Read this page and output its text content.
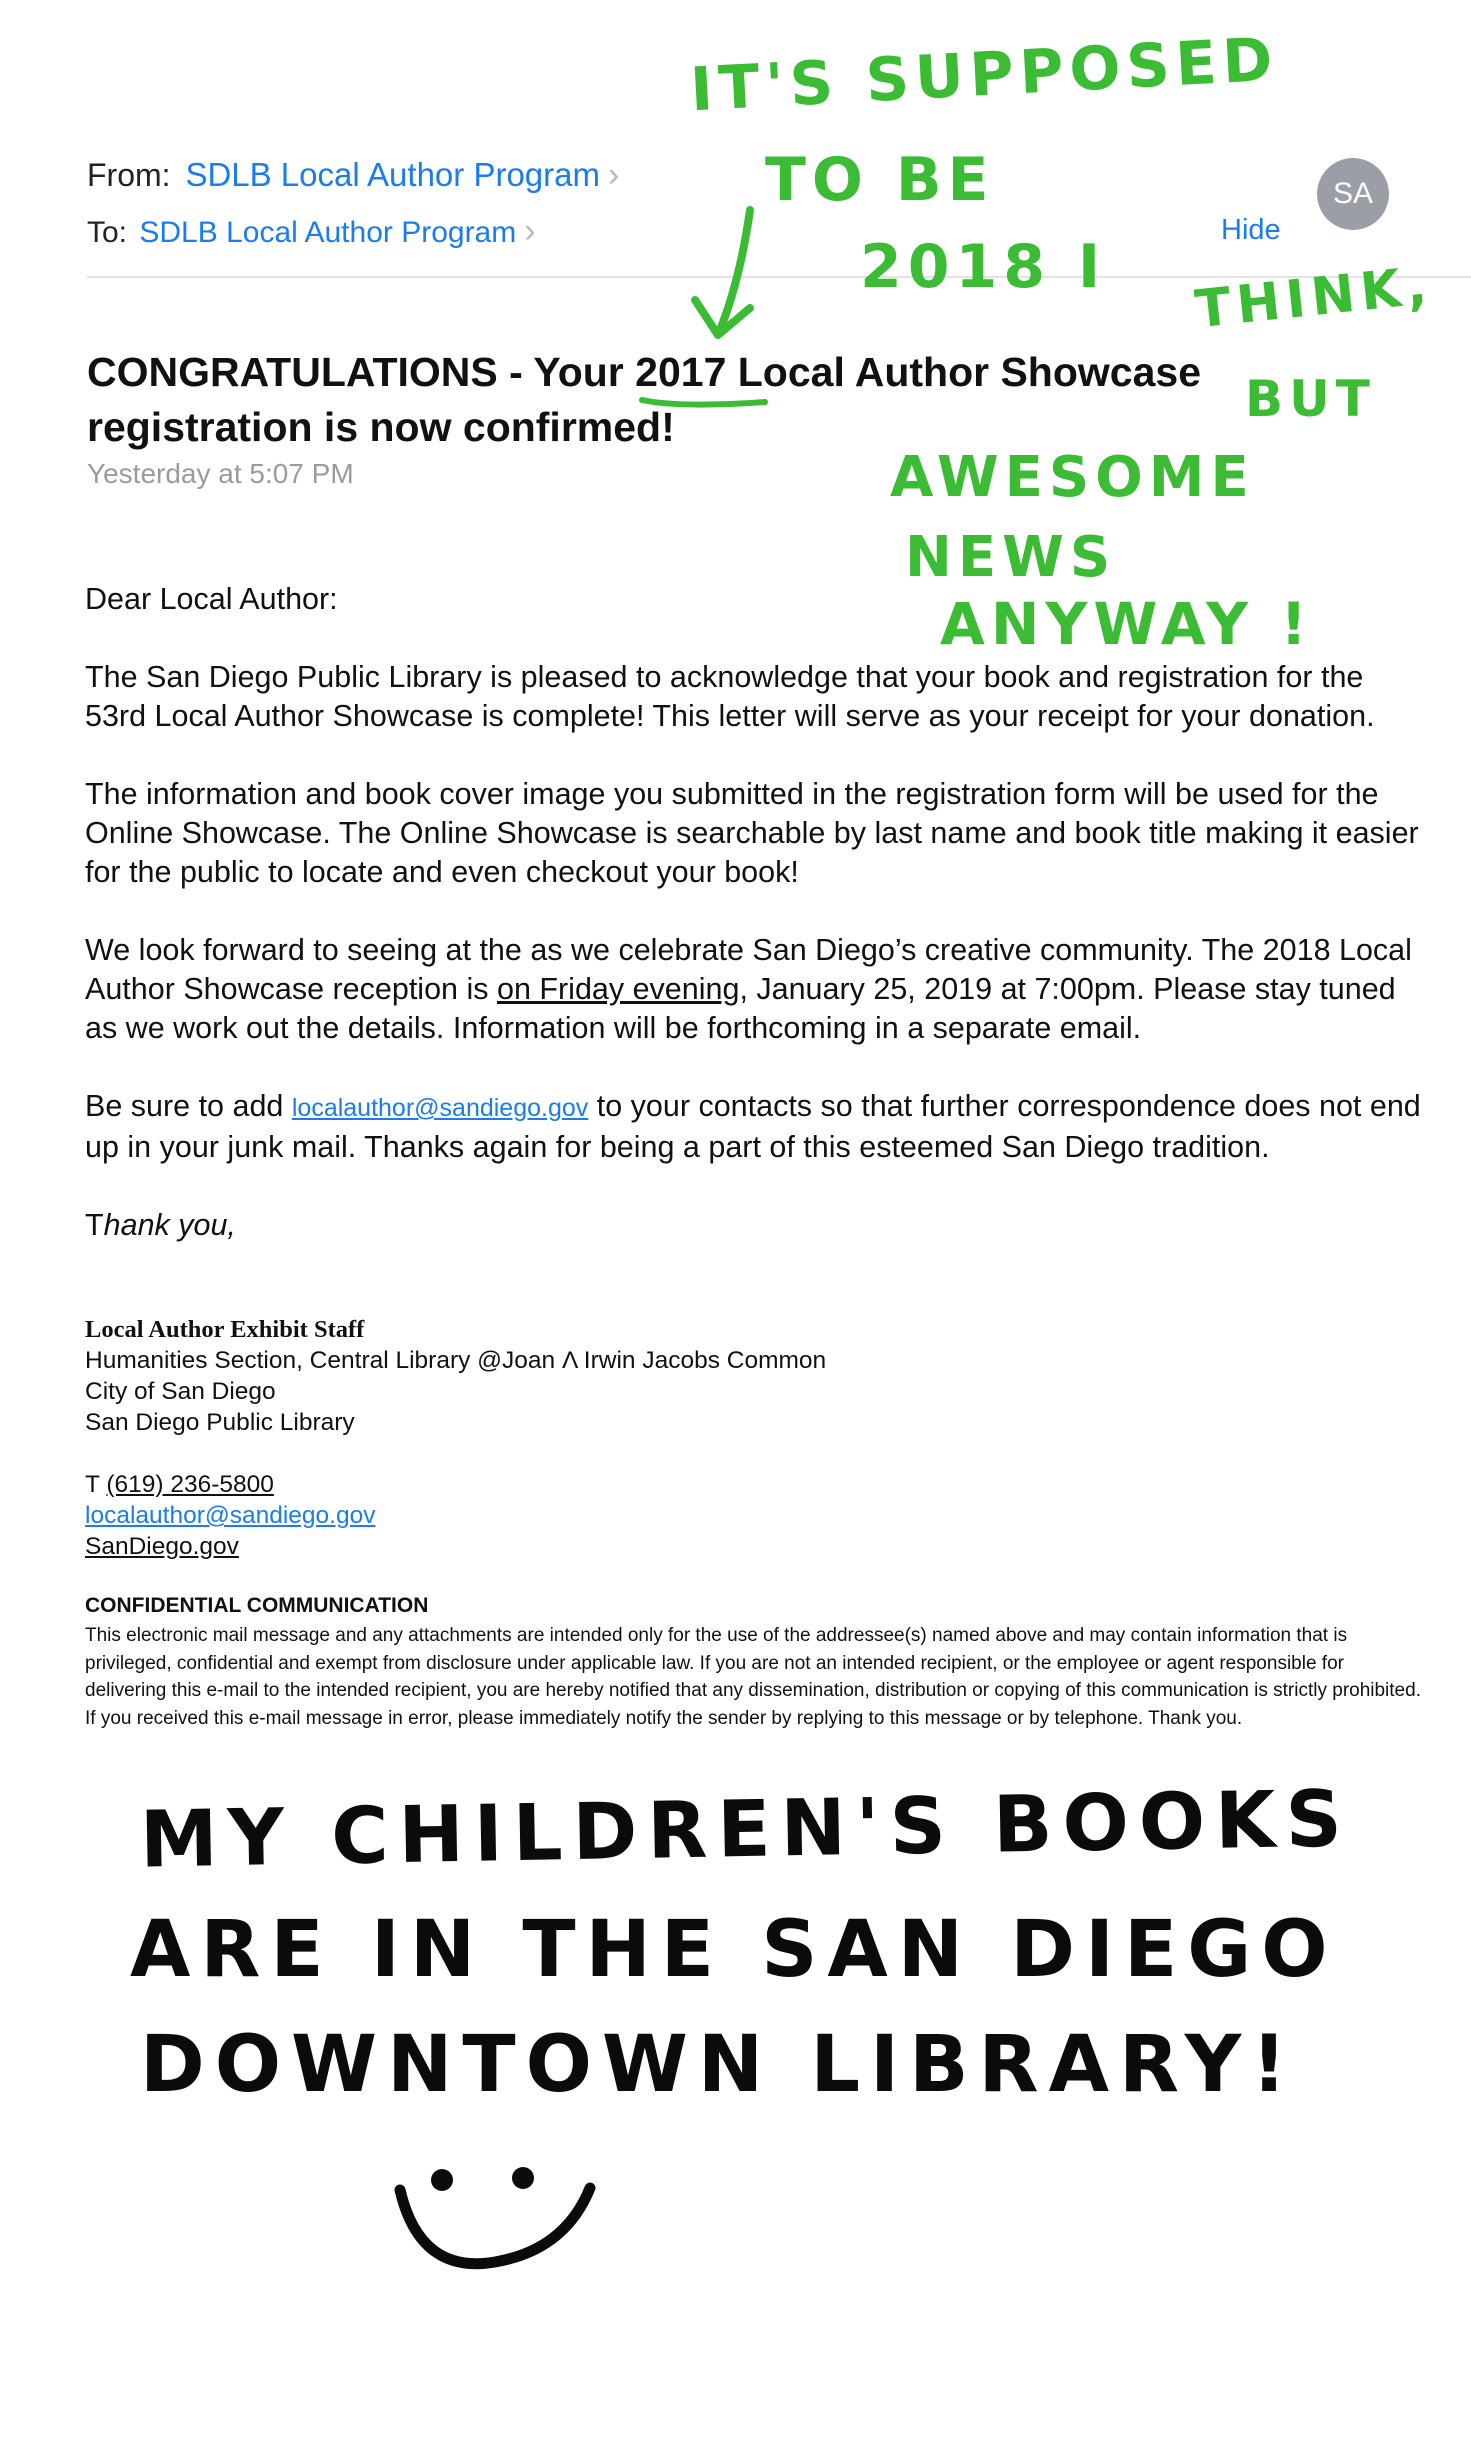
From: SDLB Local Author Program ›
To: SDLB Local Author Program ›	Hide
SA
CONGRATULATIONS - Your 2017 Local Author Showcase registration is now confirmed!
Yesterday at 5:07 PM

Dear Local Author:

The San Diego Public Library is pleased to acknowledge that your book and registration for the 53rd Local Author Showcase is complete! This letter will serve as your receipt for your donation.

The information and book cover image you submitted in the registration form will be used for the Online Showcase. The Online Showcase is searchable by last name and book title making it easier for the public to locate and even checkout your book!

We look forward to seeing at the as we celebrate San Diego’s creative community. The 2018 Local Author Showcase reception is on Friday evening, January 25, 2019 at 7:00pm. Please stay tuned as we work out the details. Information will be forthcoming in a separate email.

Be sure to add localauthor@sandiego.gov to your contacts so that further correspondence does not end up in your junk mail. Thanks again for being a part of this esteemed San Diego tradition.

Thank you,

Local Author Exhibit Staff
Humanities Section, Central Library @Joan Λ Irwin Jacobs Common
City of San Diego
San Diego Public Library
T (619) 236-5800
localauthor@sandiego.gov
SanDiego.gov
CONFIDENTIAL COMMUNICATION
This electronic mail message and any attachments are intended only for the use of the addressee(s) named above and may contain information that is privileged, confidential and exempt from disclosure under applicable law. If you are not an intended recipient, or the employee or agent responsible for delivering this e-mail to the intended recipient, you are hereby notified that any dissemination, distribution or copying of this communication is strictly prohibited. If you received this e-mail message in error, please immediately notify the sender by replying to this message or by telephone. Thank you.
IT'S SUPPOSED
TO BE
2018 I THINK,
BUT
AWESOME
NEWS
ANYWAY !
MY CHILDREN'S BOOKS
ARE IN THE SAN DIEGO
DOWNTOWN LIBRARY!
